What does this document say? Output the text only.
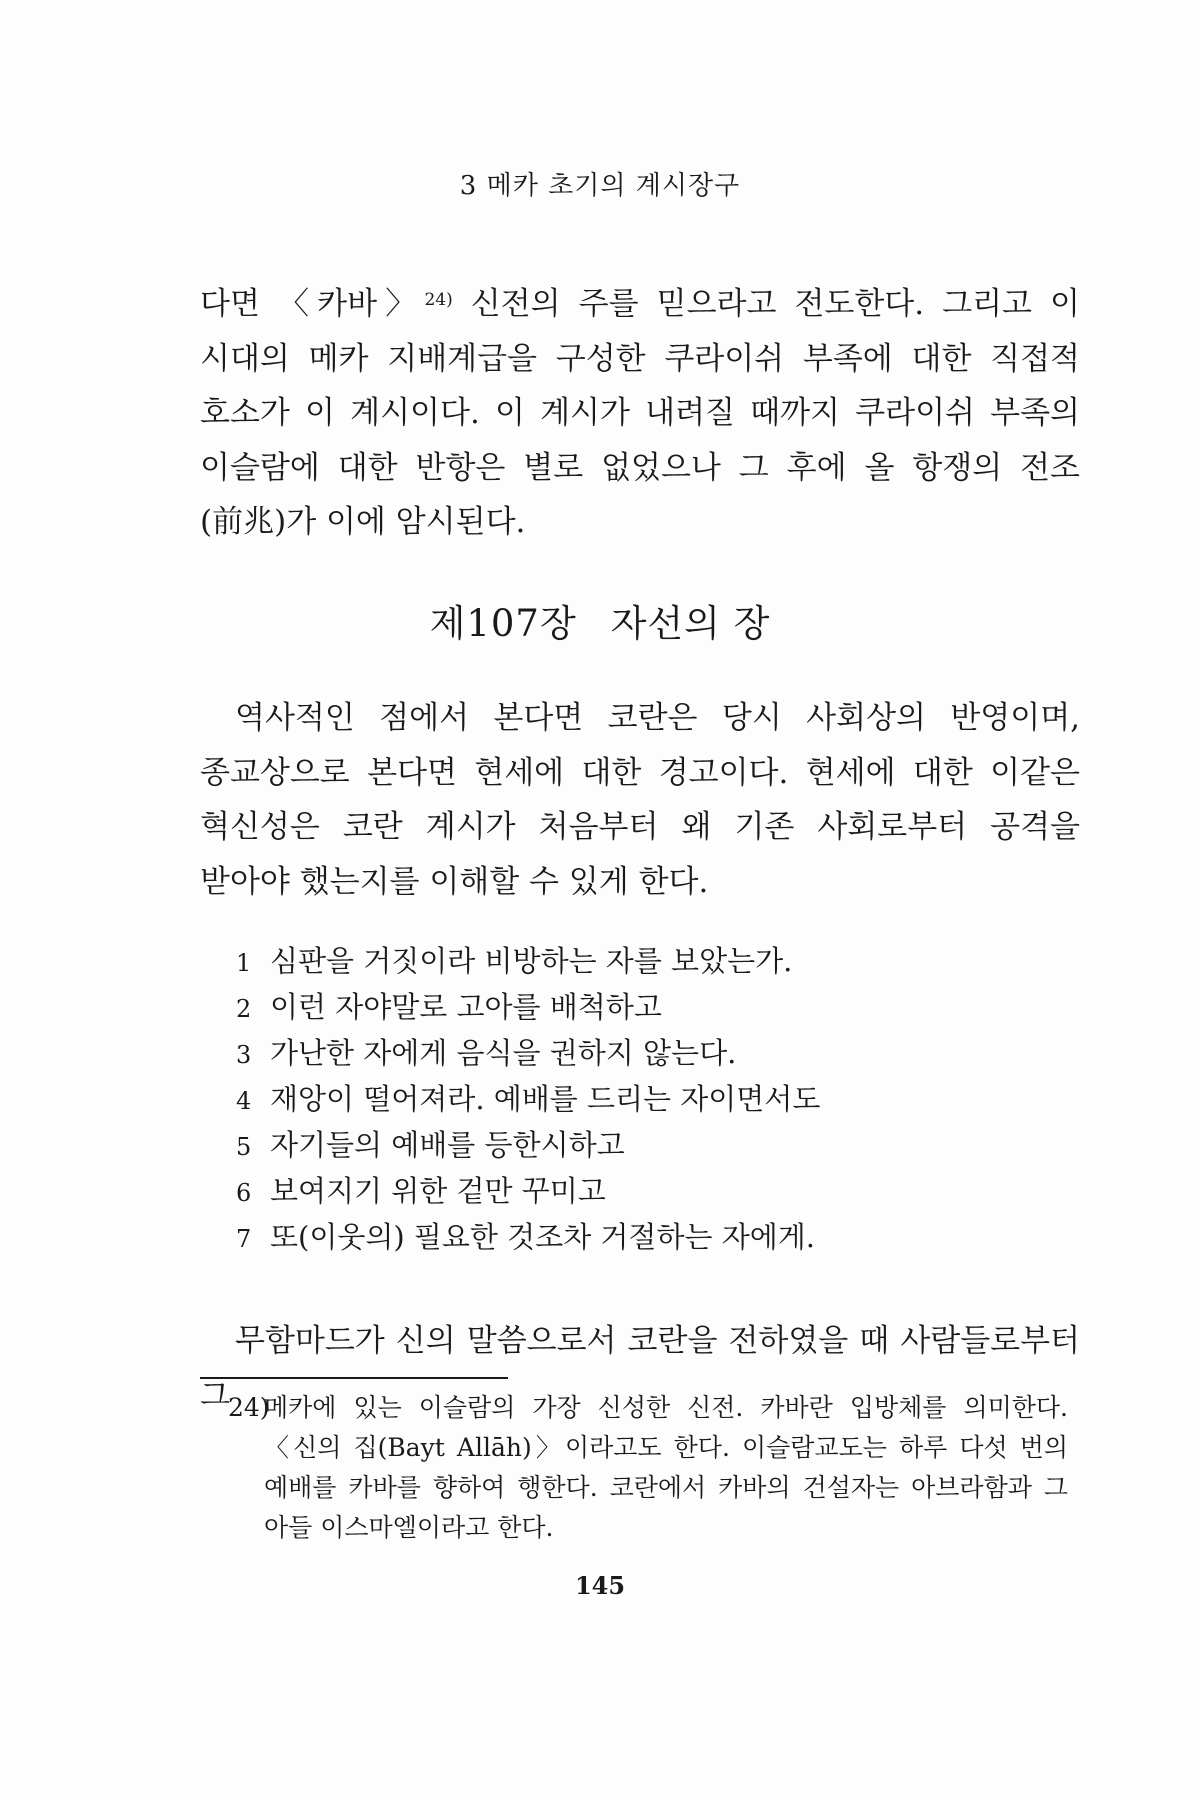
3 메카 초기의 계시장구

다면 〈카바〉$^{24)}$ 신전의 주를 믿으라고 전도한다. 그리고 이 시대의 메카 지배계급을 구성한 쿠라이쉬 부족에 대한 직접적 호소가 이 계시이다. 이 계시가 내려질 때까지 쿠라이쉬 부족의 이슬람에 대한 반항은 별로 없었으나 그 후에 올 항쟁의 전조(前兆)가 이에 암시된다.

제107장 자선의 장

역사적인 점에서 본다면 코란은 당시 사회상의 반영이며, 종교상으로 본다면 현세에 대한 경고이다. 현세에 대한 이같은 혁신성은 코란 계시가 처음부터 왜 기존 사회로부터 공격을 받아야 했는지를 이해할 수 있게 한다.

1 심판을 거짓이라 비방하는 자를 보았는가.
2 이런 자야말로 고아를 배척하고
3 가난한 자에게 음식을 권하지 않는다.
4 재앙이 떨어져라. 예배를 드리는 자이면서도
5 자기들의 예배를 등한시하고
6 보여지기 위한 겉만 꾸미고
7 또(이웃의) 필요한 것조차 거절하는 자에게.

무함마드가 신의 말씀으로서 코란을 전하였을 때 사람들로부터 그

24)
메카에 있는 이슬람의 가장 신성한 신전. 카바란 입방체를 의미한다. 〈신의 집(Bayt Allāh)〉이라고도 한다. 이슬람교도는 하루 다섯 번의 예배를 카바를 향하여 행한다. 코란에서 카바의 건설자는 아브라함과 그 아들 이스마엘이라고 한다.
145
